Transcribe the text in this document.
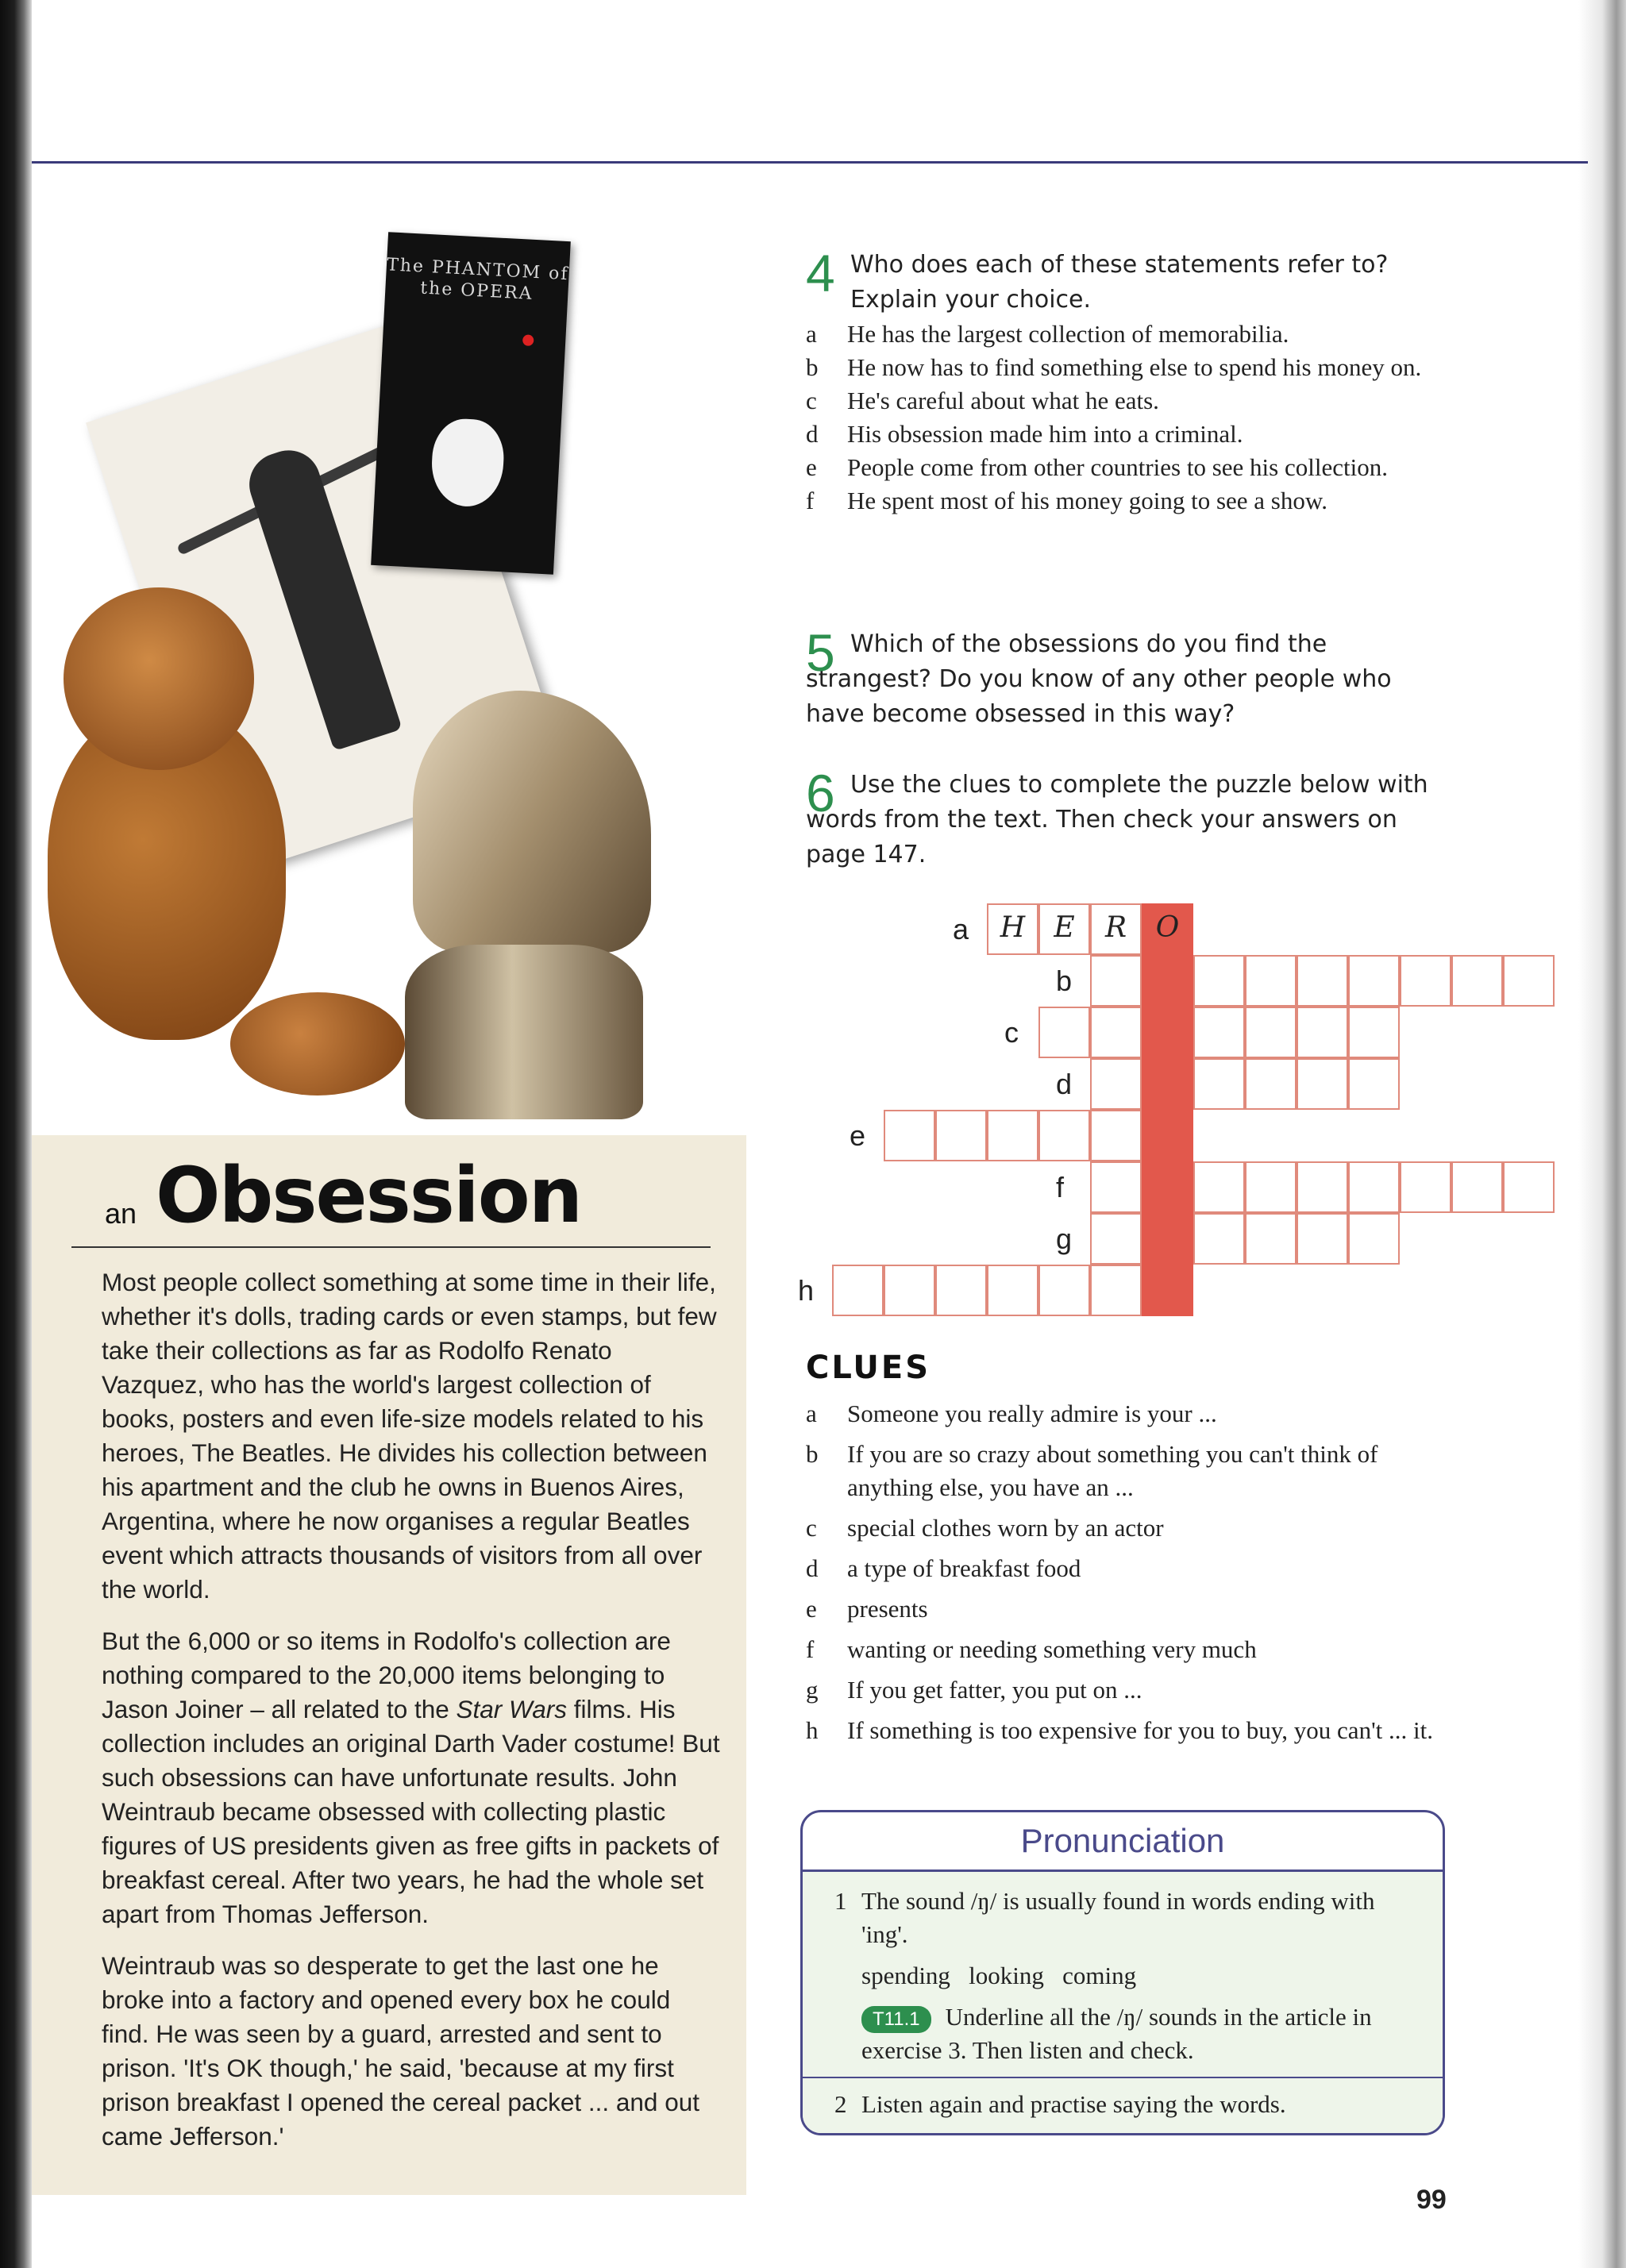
The PHANTOM of the OPERA
an Obsession

Most people collect something at some time in their life, whether it's dolls, trading cards or even stamps, but few take their collections as far as Rodolfo Renato Vazquez, who has the world's largest collection of books, posters and even life-size models related to his heroes, The Beatles. He divides his collection between his apartment and the club he owns in Buenos Aires, Argentina, where he now organises a regular Beatles event which attracts thousands of visitors from all over the world.

But the 6,000 or so items in Rodolfo's collection are nothing compared to the 20,000 items belonging to Jason Joiner – all related to the Star Wars films. His collection includes an original Darth Vader costume! But such obsessions can have unfortunate results. John Weintraub became obsessed with collecting plastic figures of US presidents given as free gifts in packets of breakfast cereal. After two years, he had the whole set apart from Thomas Jefferson.

Weintraub was so desperate to get the last one he broke into a factory and opened every box he could find. He was seen by a guard, arrested and sent to prison. 'It's OK though,' he said, 'because at my first prison breakfast I opened the cereal packet ... and out came Jefferson.'

4 Who does each of these statements refer to? Explain your choice.
a He has the largest collection of memorabilia.
b He now has to find something else to spend his money on.
c He's careful about what he eats.
d His obsession made him into a criminal.
e People come from other countries to see his collection.
f He spent most of his money going to see a show.
5 Which of the obsessions do you find the strangest? Do you know of any other people who have become obsessed in this way?
6 Use the clues to complete the puzzle below with words from the text. Then check your answers on page 147.
H	E	R	O
a
b
c
d
e
f
g
h
CLUES
a Someone you really admire is your ...
b If you are so crazy about something you can't think of anything else, you have an ...
c special clothes worn by an actor
d a type of breakfast food
e presents
f wanting or needing something very much
g If you get fatter, you put on ...
h If something is too expensive for you to buy, you can't ... it.
Pronunciation
1 The sound /ŋ/ is usually found in words ending with 'ing'.
spending   looking   coming
T11.1 Underline all the /ŋ/ sounds in the article in exercise 3. Then listen and check.
2 Listen again and practise saying the words.
99
